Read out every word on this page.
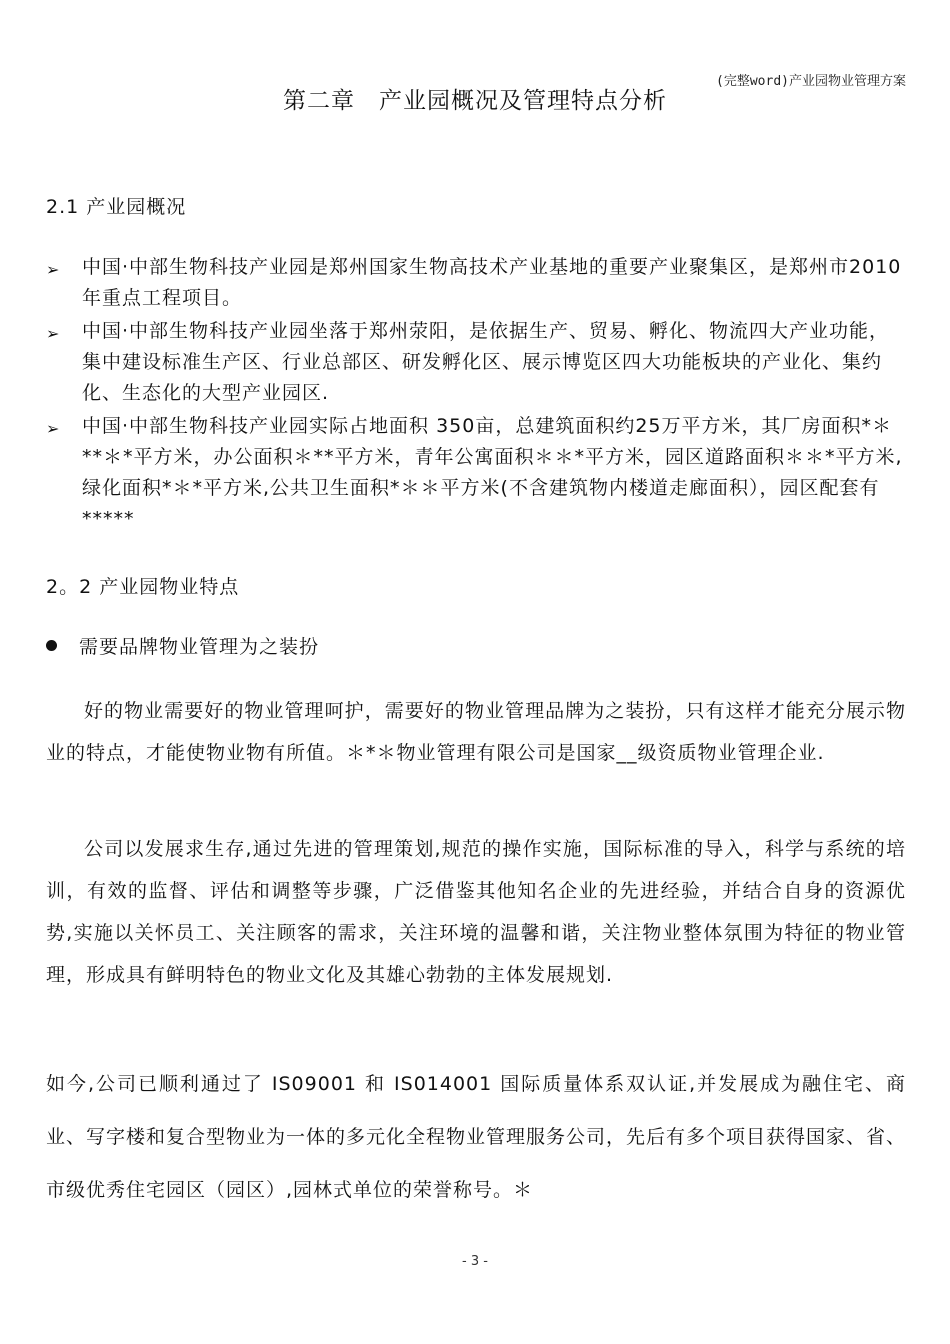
(完整word)产业园物业管理方案
第二章　产业园概况及管理特点分析
2.1 产业园概况
➢ 中国·中部生物科技产业园是郑州国家生物高技术产业基地的重要产业聚集区，是郑州市2010年重点工程项目。
➢ 中国·中部生物科技产业园坐落于郑州荥阳，是依据生产、贸易、孵化、物流四大产业功能，集中建设标准生产区、行业总部区、研发孵化区、展示博览区四大功能板块的产业化、集约化、生态化的大型产业园区.
➢ 中国·中部生物科技产业园实际占地面积 350亩，总建筑面积约25万平方米，其厂房面积*＊**＊*平方米，办公面积＊**平方米，青年公寓面积＊＊*平方米，园区道路面积＊＊*平方米,绿化面积*＊*平方米,公共卫生面积*＊＊平方米(不含建筑物内楼道走廊面积），园区配套有*****
2。2 产业园物业特点
需要品牌物业管理为之装扮

好的物业需要好的物业管理呵护，需要好的物业管理品牌为之装扮，只有这样才能充分展示物业的特点，才能使物业物有所值。＊*＊物业管理有限公司是国家__级资质物业管理企业.

公司以发展求生存,通过先进的管理策划,规范的操作实施，国际标准的导入，科学与系统的培训，有效的监督、评估和调整等步骤，广泛借鉴其他知名企业的先进经验，并结合自身的资源优势,实施以关怀员工、关注顾客的需求，关注环境的温馨和谐，关注物业整体氛围为特征的物业管理，形成具有鲜明特色的物业文化及其雄心勃勃的主体发展规划.

如今,公司已顺利通过了 IS09001 和 IS014001 国际质量体系双认证,并发展成为融住宅、商业、写字楼和复合型物业为一体的多元化全程物业管理服务公司，先后有多个项目获得国家、省、市级优秀住宅园区（园区）,园林式单位的荣誉称号。＊

- 3 -
